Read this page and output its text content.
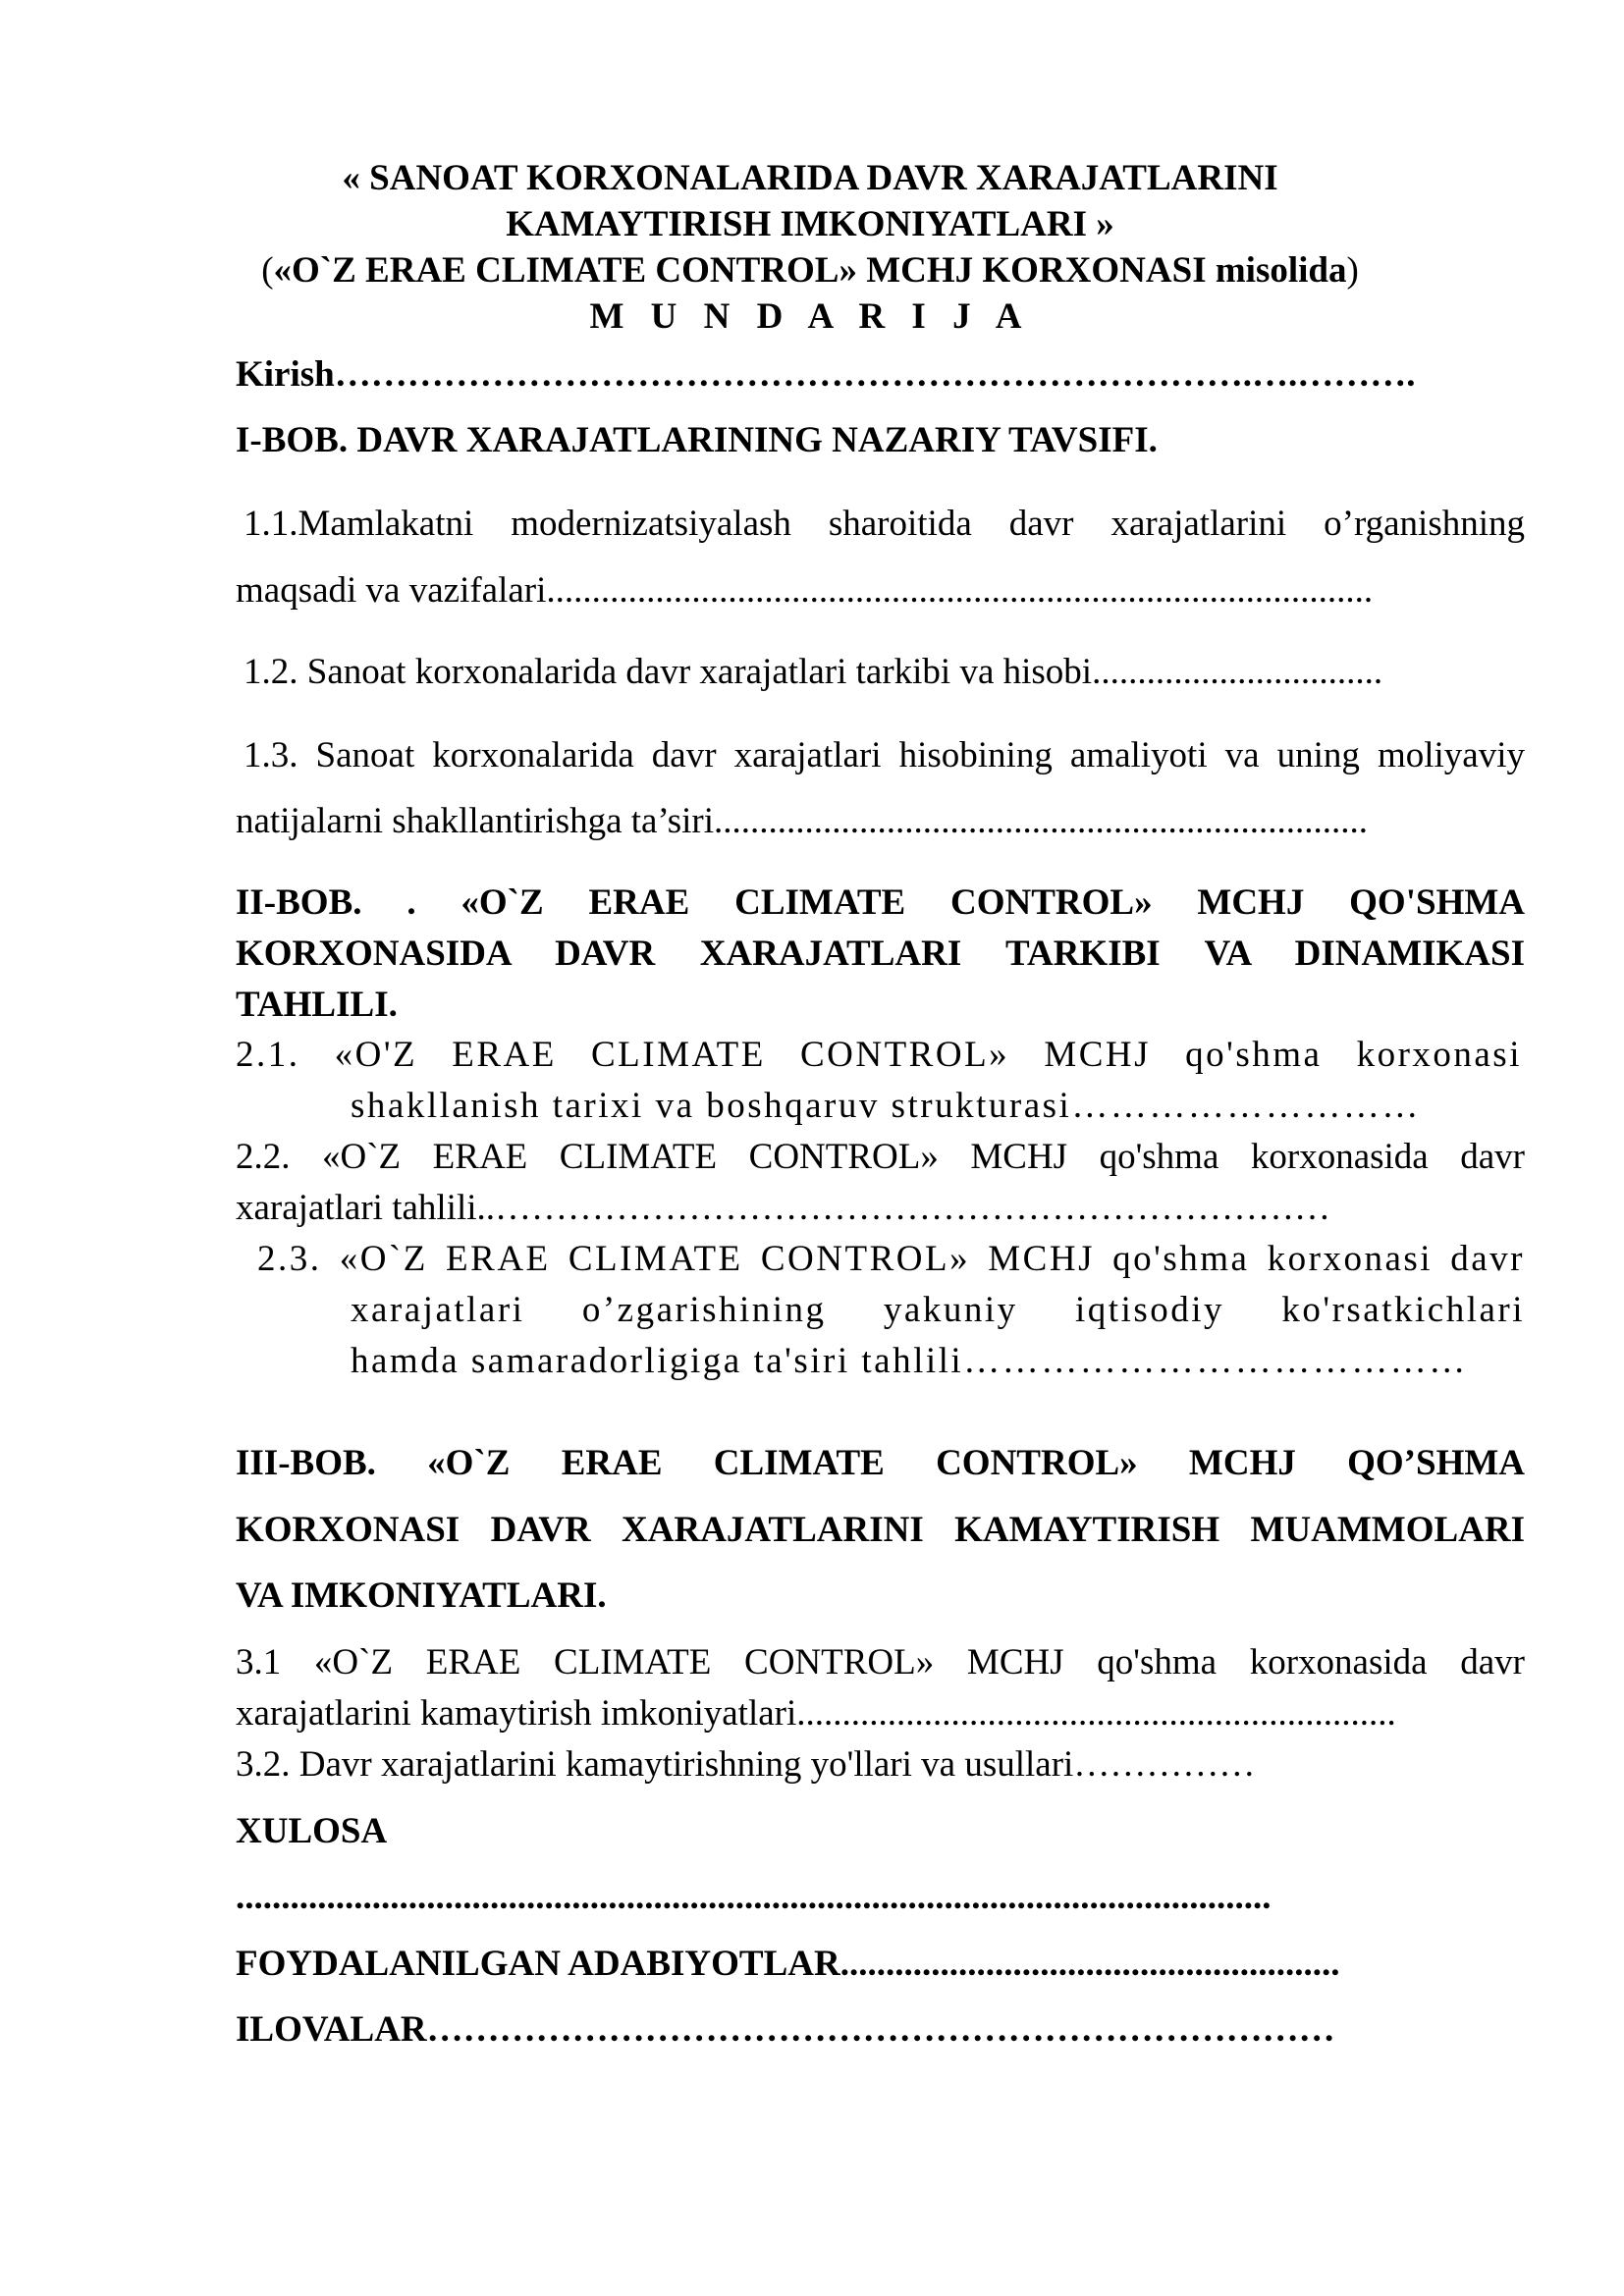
« SANOAT KORXONALARIDA DAVR XARAJATLARINI
KAMAYTIRISH IMKONIYATLARI »
(«O`Z ERAE CLIMATE CONTROL» MCHJ KORXONASI misolida)
M U N D A R I J A
Kirish………………………………………………………………….….……….
I-BOB. DAVR XARAJATLARINING NAZARIY TAVSIFI.
1.1.Mamlakatni modernizatsiyalash sharoitida davr xarajatlarini o’rganishning
maqsadi va vazifalari...........................................................................................
1.2. Sanoat korxonalarida davr xarajatlari tarkibi va hisobi................................
1.3. Sanoat korxonalarida davr xarajatlari hisobining amaliyoti va uning moliyaviy
natijalarni shakllantirishga ta’siri........................................................................
II-BOB. . «O`Z ERAE CLIMATE CONTROL» MCHJ QO'SHMA
KORXONASIDA DAVR XARAJATLARI TARKIBI VA DINAMIKASI
TAHLILI.
2.1. «O'Z ERAE CLIMATE CONTROL» MCHJ qo'shma korxonasi
shakllanish tarixi va boshqaruv strukturasi………………………
2.2. «O`Z ERAE CLIMATE CONTROL» MCHJ qo'shma korxonasida davr
xarajatlari tahlili..……………………………………………………………
2.3. «O`Z ERAE CLIMATE CONTROL» MCHJ qo'shma korxonasi davr
xarajatlari o’zgarishining yakuniy iqtisodiy ko'rsatkichlari
hamda samaradorligiga ta'siri tahlili…………………………………
III-BOB. «O`Z ERAE CLIMATE CONTROL» MCHJ QO’SHMA
KORXONASI DAVR XARAJATLARINI KAMAYTIRISH MUAMMOLARI
VA IMKONIYATLARI.
3.1 «O`Z ERAE CLIMATE CONTROL» MCHJ qo'shma korxonasida davr
xarajatlarini kamaytirish imkoniyatlari..................................................................
3.2. Davr xarajatlarini kamaytirishning yo'llari va usullari……………
XULOSA
..................................................................................................................
FOYDALANILGAN ADABIYOTLAR.......................................................
ILOVALAR…………………………………………………………………
